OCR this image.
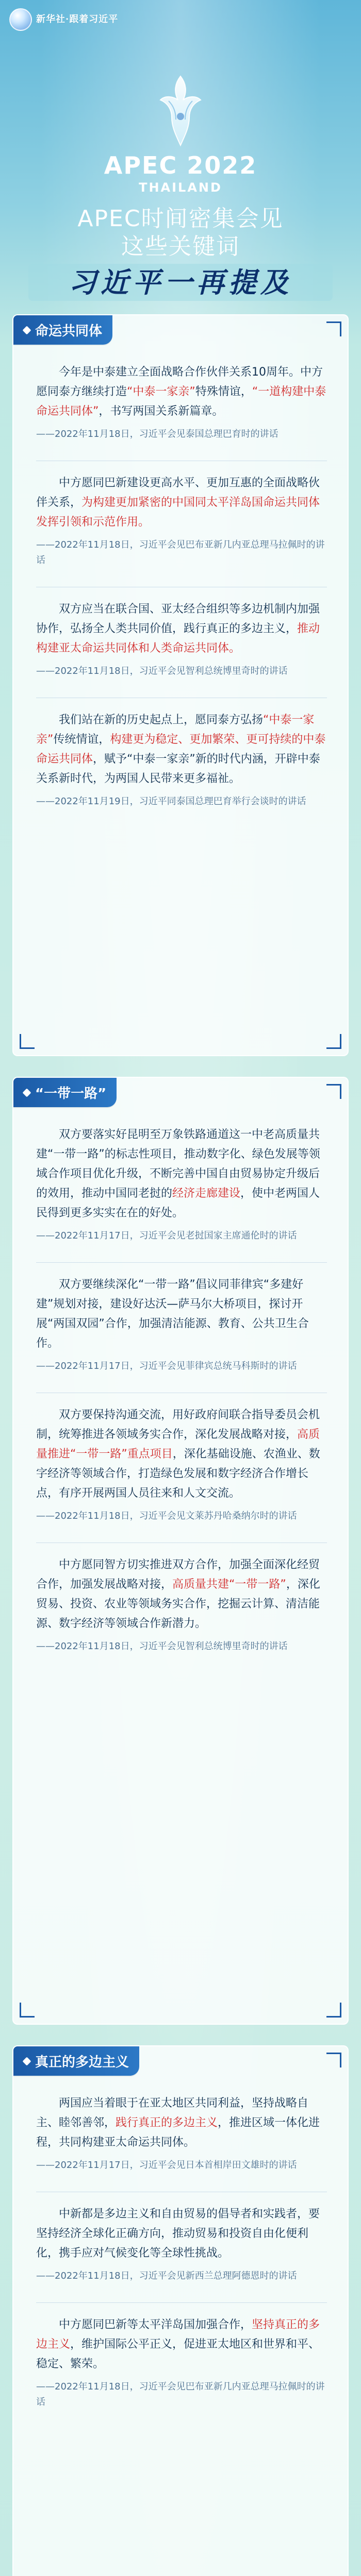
新华社·跟着习近平
APEC 2022
THAILAND
APEC时间密集会见
这些关键词
习近平一再提及
命运共同体

今年是中泰建立全面战略合作伙伴关系10周年。中方愿同泰方继续打造“中泰一家亲”特殊情谊，“一道构建中泰命运共同体”，书写两国关系新篇章。

——2022年11月18日，习近平会见泰国总理巴育时的讲话

中方愿同巴新建设更高水平、更加互惠的全面战略伙伴关系，为构建更加紧密的中国同太平洋岛国命运共同体发挥引领和示范作用。

——2022年11月18日，习近平会见巴布亚新几内亚总理马拉佩时的讲话

双方应当在联合国、亚太经合组织等多边机制内加强协作，弘扬全人类共同价值，践行真正的多边主义，推动构建亚太命运共同体和人类命运共同体。

——2022年11月18日，习近平会见智利总统博里奇时的讲话

我们站在新的历史起点上，愿同泰方弘扬“中泰一家亲”传统情谊，构建更为稳定、更加繁荣、更可持续的中泰命运共同体，赋予“中泰一家亲”新的时代内涵，开辟中泰关系新时代，为两国人民带来更多福祉。

——2022年11月19日，习近平同泰国总理巴育举行会谈时的讲话
“一带一路”

双方要落实好昆明至万象铁路通道这一中老高质量共建“一带一路”的标志性项目，推动数字化、绿色发展等领域合作项目优化升级，不断完善中国自由贸易协定升级后的效用，推动中国同老挝的经济走廊建设，使中老两国人民得到更多实实在在的好处。

——2022年11月17日，习近平会见老挝国家主席通伦时的讲话

双方要继续深化“一带一路”倡议同菲律宾“多建好建”规划对接，建设好达沃—萨马尔大桥项目，探讨开展“两国双园”合作，加强清洁能源、教育、公共卫生合作。

——2022年11月17日，习近平会见菲律宾总统马科斯时的讲话

双方要保持沟通交流，用好政府间联合指导委员会机制，统筹推进各领域务实合作，深化发展战略对接，高质量推进“一带一路”重点项目，深化基础设施、农渔业、数字经济等领域合作，打造绿色发展和数字经济合作增长点，有序开展两国人员往来和人文交流。

——2022年11月18日，习近平会见文莱苏丹哈桑纳尔时的讲话

中方愿同智方切实推进双方合作，加强全面深化经贸合作，加强发展战略对接，高质量共建“一带一路”，深化贸易、投资、农业等领域务实合作，挖掘云计算、清洁能源、数字经济等领域合作新潜力。

——2022年11月18日，习近平会见智利总统博里奇时的讲话
真正的多边主义

两国应当着眼于在亚太地区共同利益，坚持战略自主、睦邻善邻，践行真正的多边主义，推进区域一体化进程，共同构建亚太命运共同体。

——2022年11月17日，习近平会见日本首相岸田文雄时的讲话

中新都是多边主义和自由贸易的倡导者和实践者，要坚持经济全球化正确方向，推动贸易和投资自由化便利化，携手应对气候变化等全球性挑战。

——2022年11月18日，习近平会见新西兰总理阿德恩时的讲话

中方愿同巴新等太平洋岛国加强合作，坚持真正的多边主义，维护国际公平正义，促进亚太地区和世界和平、稳定、繁荣。

——2022年11月18日，习近平会见巴布亚新几内亚总理马拉佩时的讲话
